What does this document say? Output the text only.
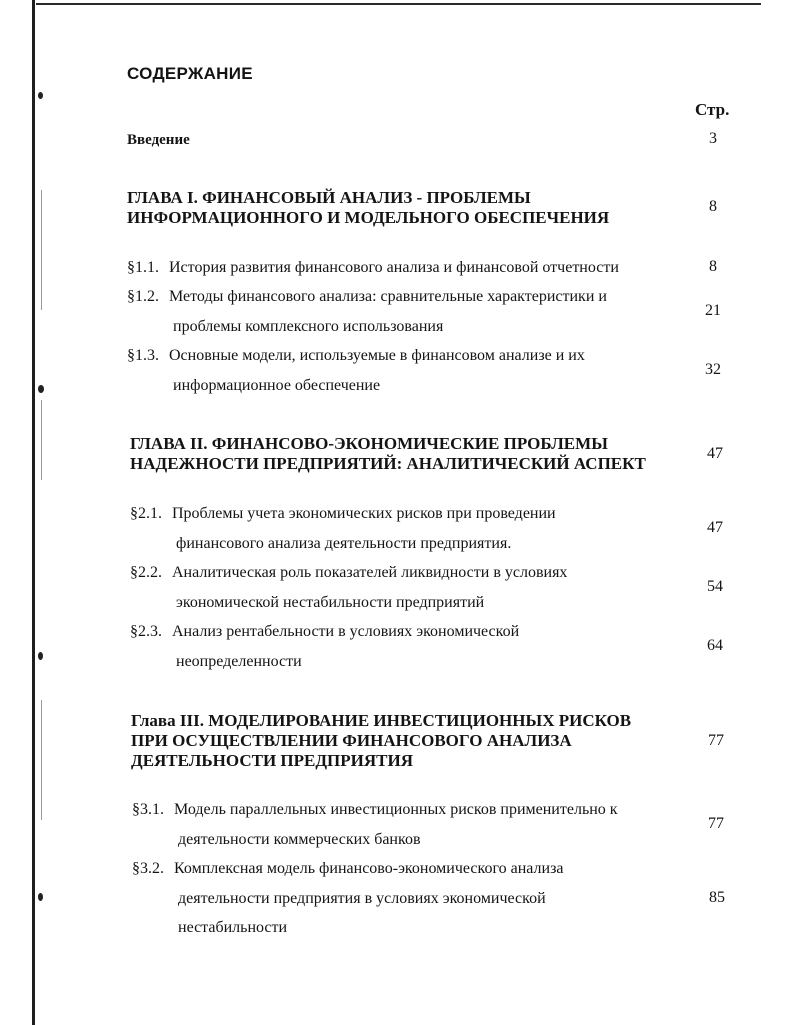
СОДЕРЖАНИЕ
Стр.
Введение	3
ГЛАВА I. ФИНАНСОВЫЙ АНАЛИЗ - ПРОБЛЕМЫ
ИНФОРМАЦИОННОГО И МОДЕЛЬНОГО ОБЕСПЕЧЕНИЯ
8
§1.1. История развития финансового анализа и финансовой отчетности	8
§1.2. Методы финансового анализа: сравнительные характеристики и
проблемы комплексного использования
21
§1.3. Основные модели, используемые в финансовом анализе и их
информационное обеспечение
32
ГЛАВА II. ФИНАНСОВО-ЭКОНОМИЧЕСКИЕ ПРОБЛЕМЫ
НАДЕЖНОСТИ ПРЕДПРИЯТИЙ: АНАЛИТИЧЕСКИЙ АСПЕКТ
47
§2.1. Проблемы учета экономических рисков при проведении
финансового анализа деятельности предприятия.
47
§2.2. Аналитическая роль показателей ликвидности в условиях
экономической нестабильности предприятий
54
§2.3. Анализ рентабельности в условиях экономической
неопределенности
64
Глава III. МОДЕЛИРОВАНИЕ ИНВЕСТИЦИОННЫХ РИСКОВ
ПРИ ОСУЩЕСТВЛЕНИИ ФИНАНСОВОГО АНАЛИЗА
ДЕЯТЕЛЬНОСТИ ПРЕДПРИЯТИЯ
77
§3.1. Модель параллельных инвестиционных рисков применительно к
деятельности коммерческих банков
77
§3.2. Комплексная модель финансово-экономического анализа
деятельности предприятия в условиях экономической
нестабильности
85
